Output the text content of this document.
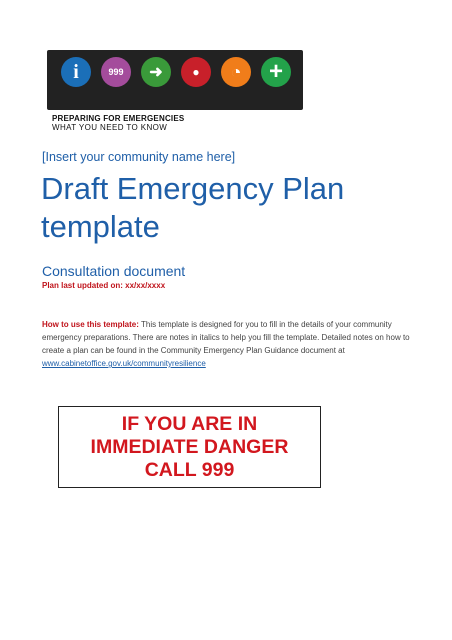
i	999	➜	●	◔	+
PREPARING FOR EMERGENCIES
WHAT YOU NEED TO KNOW
[Insert your community name here]
Draft Emergency Plan
template
Consultation document
Plan last updated on: xx/xx/xxxx
How to use this template: This template is designed for you to fill in the details of your community emergency preparations. There are notes in italics to help you fill the template. Detailed notes on how to create a plan can be found in the Community Emergency Plan Guidance document at
www.cabinetoffice.gov.uk/communityresilience
IF YOU ARE IN
IMMEDIATE DANGER
CALL 999
